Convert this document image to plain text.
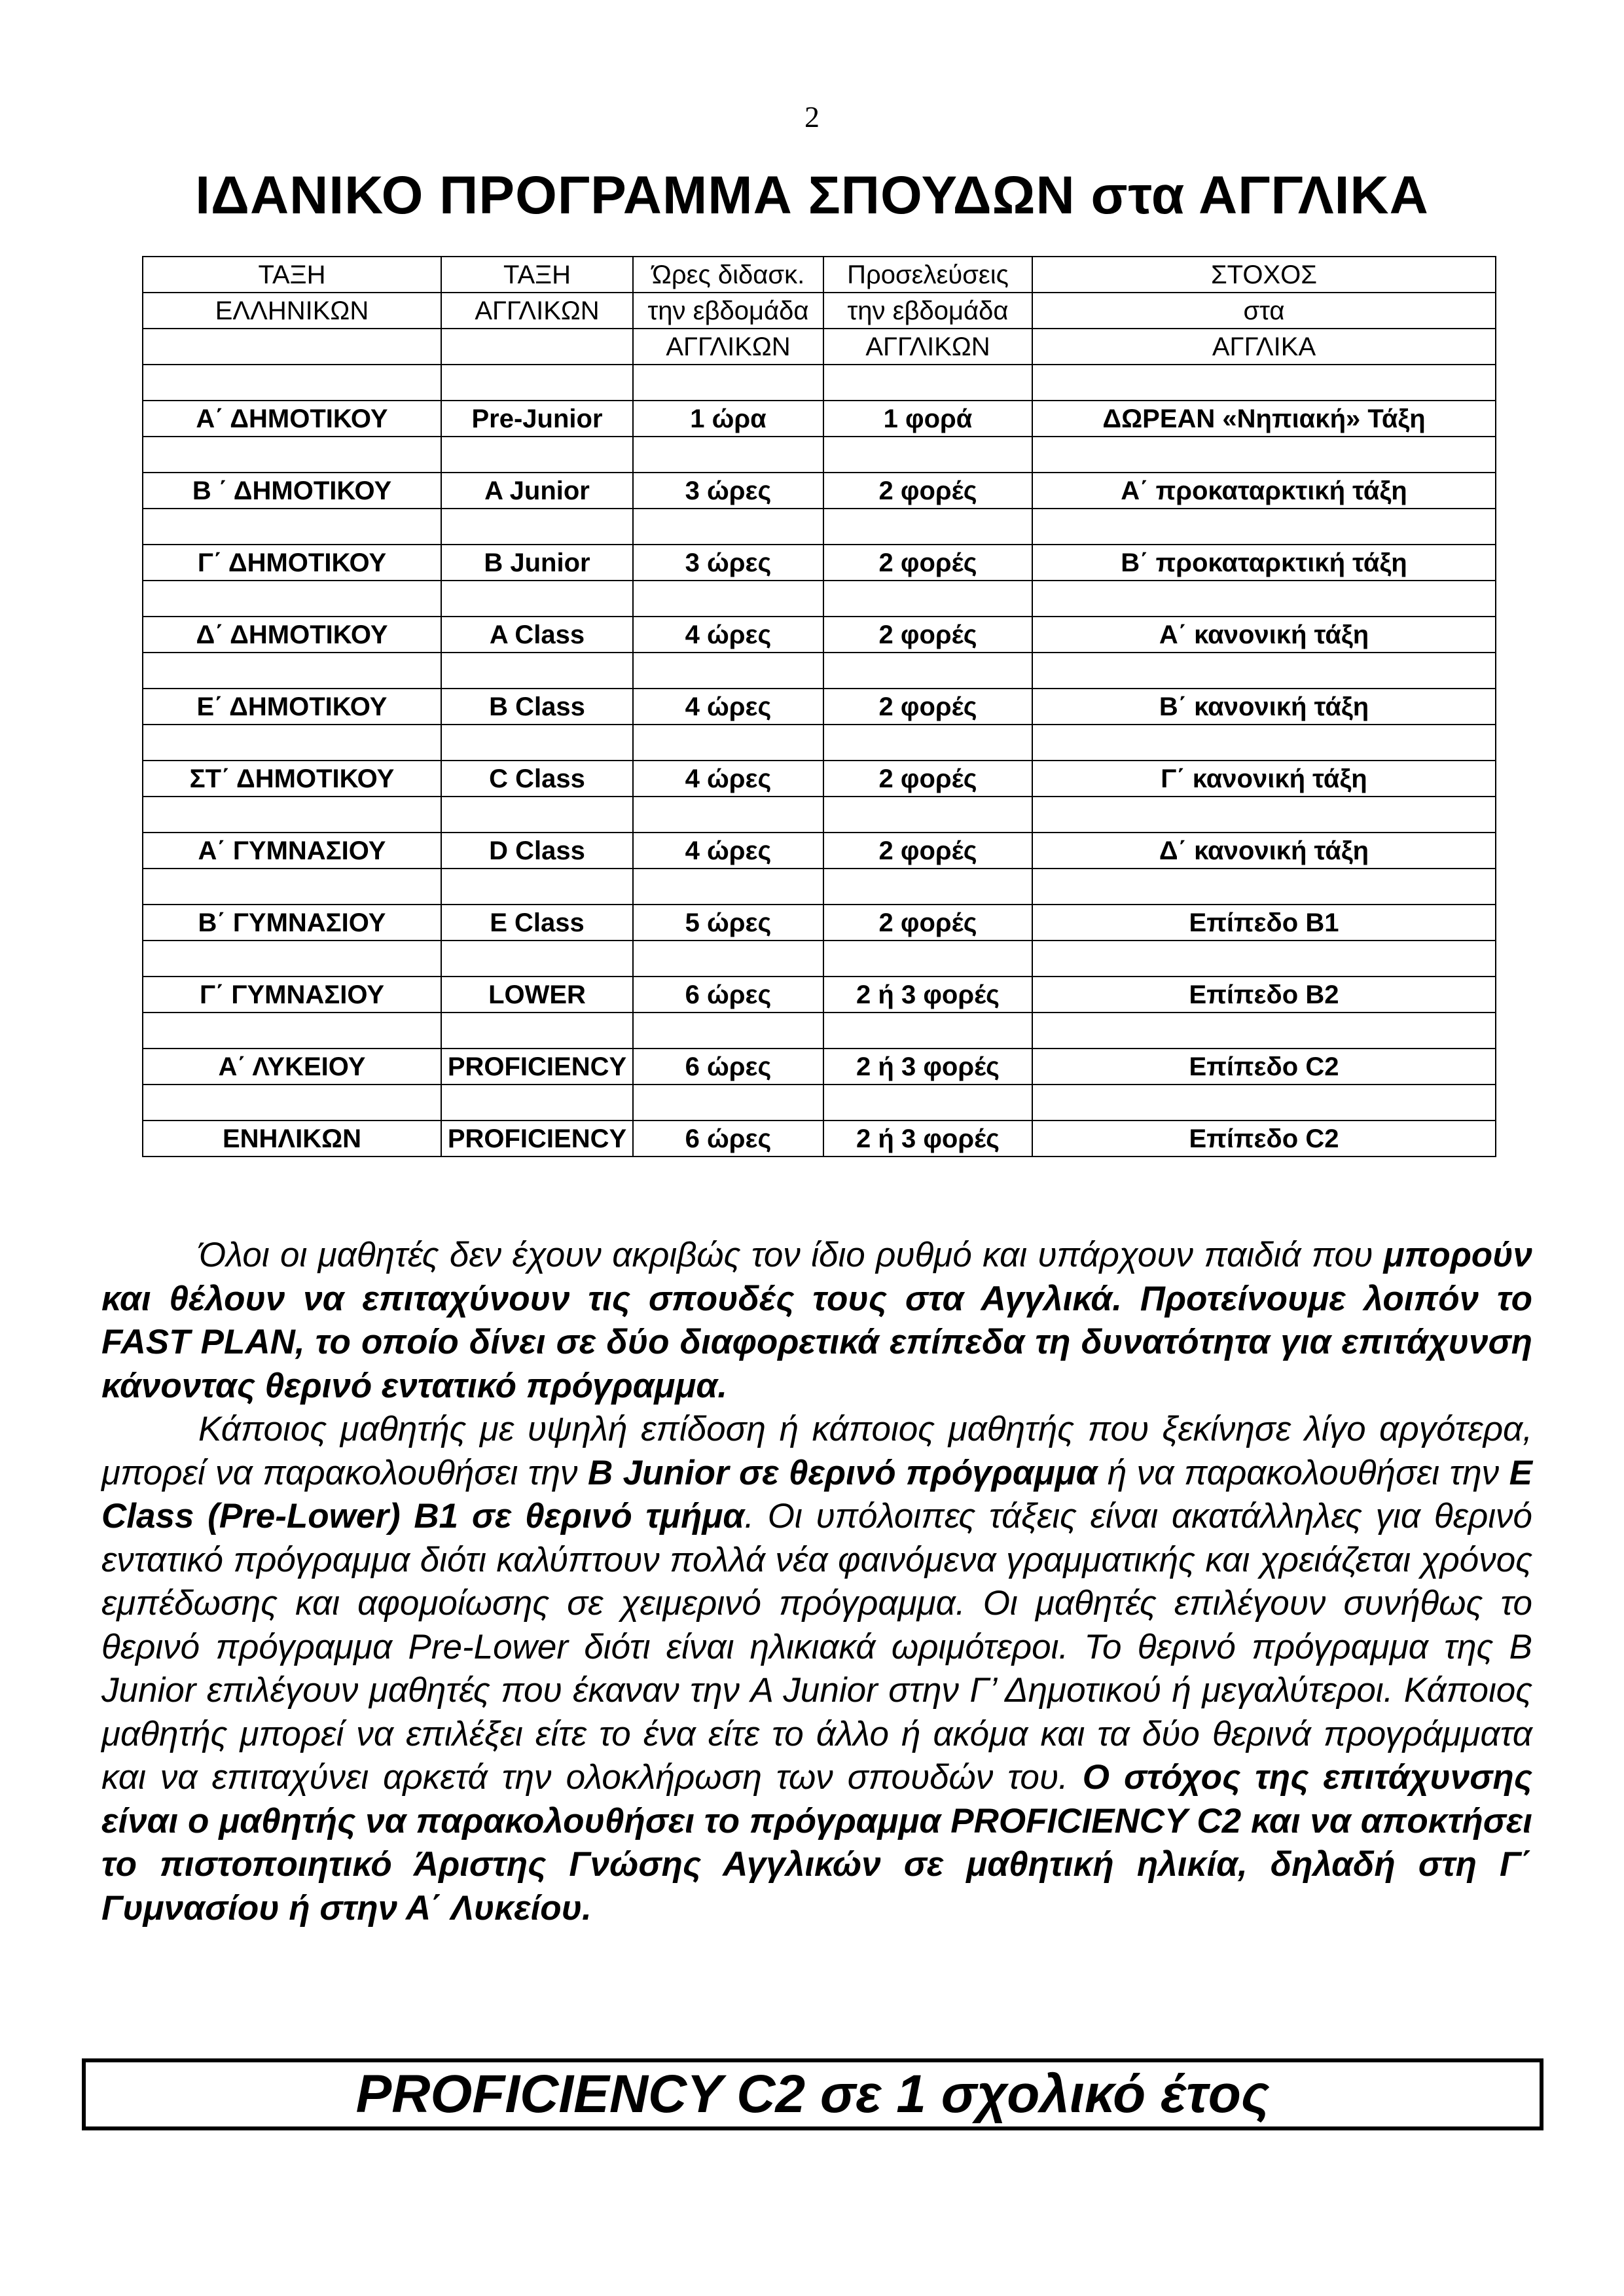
2
ΙΔΑΝΙΚΟ ΠΡΟΓΡΑΜΜΑ ΣΠΟΥΔΩΝ στα ΑΓΓΛΙΚΑ
ΤΑΞΗ	ΤΑΞΗ	Ώρες διδασκ.	Προσελεύσεις	ΣΤΟΧΟΣ
ΕΛΛΗΝΙΚΩΝ	ΑΓΓΛΙΚΩΝ	την εβδομάδα	την εβδομάδα	στα
		ΑΓΓΛΙΚΩΝ	ΑΓΓΛΙΚΩΝ	ΑΓΓΛΙΚΑ

Α΄ ΔΗΜΟΤΙΚΟΥ	Pre-Junior	1 ώρα	1 φορά	ΔΩΡΕΑΝ «Νηπιακή» Τάξη

Β ΄ ΔΗΜΟΤΙΚΟΥ	A Junior	3 ώρες	2 φορές	Α΄ προκαταρκτική τάξη

Γ΄ ΔΗΜΟΤΙΚΟΥ	B Junior	3 ώρες	2 φορές	Β΄ προκαταρκτική τάξη

Δ΄ ΔΗΜΟΤΙΚΟΥ	A Class	4 ώρες	2 φορές	Α΄ κανονική τάξη

Ε΄ ΔΗΜΟΤΙΚΟΥ	B Class	4 ώρες	2 φορές	Β΄ κανονική τάξη

ΣΤ΄ ΔΗΜΟΤΙΚΟΥ	C Class	4 ώρες	2 φορές	Γ΄ κανονική τάξη

Α΄ ΓΥΜΝΑΣΙΟΥ	D Class	4 ώρες	2 φορές	Δ΄ κανονική τάξη

Β΄ ΓΥΜΝΑΣΙΟΥ	E Class	5 ώρες	2 φορές	Επίπεδο Β1

Γ΄ ΓΥΜΝΑΣΙΟΥ	LOWER	6 ώρες	2 ή 3 φορές	Επίπεδο Β2

Α΄ ΛΥΚΕΙΟΥ	PROFICIENCY	6 ώρες	2 ή 3 φορές	Επίπεδο C2

ΕΝΗΛΙΚΩΝ	PROFICIENCY	6 ώρες	2 ή 3 φορές	Επίπεδο C2

Όλοι οι μαθητές δεν έχουν ακριβώς τον ίδιο ρυθμό και υπάρχουν παιδιά που μπορούν και θέλουν να επιταχύνουν τις σπουδές τους στα Αγγλικά. Προτείνουμε λοιπόν το FAST PLAN, το οποίο δίνει σε δύο διαφορετικά επίπεδα τη δυνατότητα για επιτάχυνση κάνοντας θερινό εντατικό πρόγραμμα.

Κάποιος μαθητής με υψηλή επίδοση ή κάποιος μαθητής που ξεκίνησε λίγο αργότερα, μπορεί να παρακολουθήσει την B Junior σε θερινό πρόγραμμα ή να παρακολουθήσει την E Class (Pre-Lower) B1 σε θερινό τμήμα. Οι υπόλοιπες τάξεις είναι ακατάλληλες για θερινό εντατικό πρόγραμμα διότι καλύπτουν πολλά νέα φαινόμενα γραμματικής και χρειάζεται χρόνος εμπέδωσης και αφομοίωσης σε χειμερινό πρόγραμμα. Οι μαθητές επιλέγουν συνήθως το θερινό πρόγραμμα Pre-Lower διότι είναι ηλικιακά ωριμότεροι. Το θερινό πρόγραμμα της B Junior επιλέγουν μαθητές που έκαναν την A Junior στην Γ’ Δημοτικού ή μεγαλύτεροι. Κάποιος μαθητής μπορεί να επιλέξει είτε το ένα είτε το άλλο ή ακόμα και τα δύο θερινά προγράμματα και να επιταχύνει αρκετά την ολοκλήρωση των σπουδών του. Ο στόχος της επιτάχυνσης είναι ο μαθητής να παρακολουθήσει το πρόγραμμα PROFICIENCY C2 και να αποκτήσει το πιστοποιητικό Άριστης Γνώσης Αγγλικών σε μαθητική ηλικία, δηλαδή στη Γ΄ Γυμνασίου ή στην Α΄ Λυκείου.

PROFICIENCY C2 σε 1 σχολικό έτος
